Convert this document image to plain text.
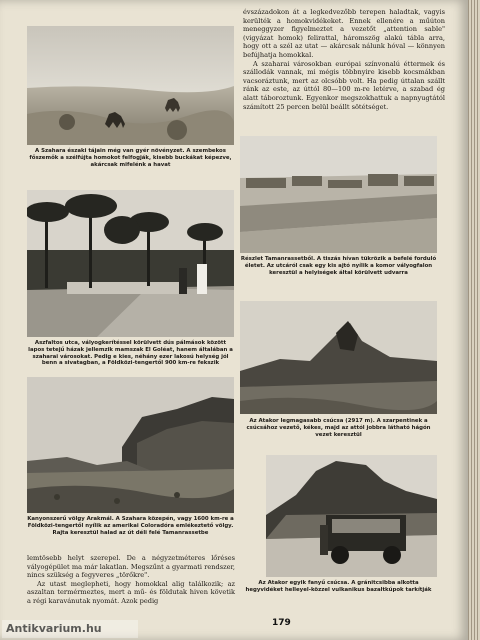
A Szahara északi tájain még van gyér növényzet. A szembekos főszemők a szélfújta homokot felfogják, kisebb buckákat képezve, akárcsak mifelénk a havat

Aszfaltos utca, vályogkerítéssel körülvett dús pálmások között lapos tetejű házak jellemzik mamszak El Goléat, hanem általában a szaharai városokat. Pedig e kies, néhány ezer lakosú helység jól benn a sivatagban, a Földközi-tengertől 900 km-re fekszik

Kanyonszerű völgy Arakmál. A Szahara közepén, vagy 1600 km-re a Földközi-tengertől nyílik az amerikai Coloradóra emlékeztető völgy. Rajta keresztül halad az út déli felé Tamanrassetbe

évszázadokon át a legkedvezőbb terepen haladtak, vagyis kerülték a homokvidékeket. Ennek ellenére a műúton meneggyzer figyelmeztet a vezetőt „attention sable" (vigyázat homok) felirattal, háromszög alakú tábla arra, hogy ott a szél az utat — akárcsak nálunk hóval — könnyen befújhatja homokkal.

A szaharai városokban európai színvonalú éttermek és szállodák vannak, mi mégis többnyire kisebb kocsmákban vacsoráztunk, mert az olcsóbb volt. Ha pedig úttalan szállt ránk az este, az úttól 80—100 m-re letérve, a szabad ég alatt táboroztunk. Egyenkor megszokhattuk a napnyugtától számított 25 percen belül beállt sötétséget.

Részlet Tamanrassetből. A tiszás hívan tükrözik a befelé forduló életet. Az utcáról csak egy kis ajtó nyílik a komor vályogfalon keresztül a helyiségek által körülvett udvarra

Az Atakor legmagasabb csúcsa (2917 m). A szarpentinek a csúcsához vezető, kékes, majd az attól jobbra látható hágón vezet keresztül

Az Atakor egyik fanyű csúcsa. A gránitcsibba alkotta hegyvidéket helleyel-közzel vulkanikus bazaltkúpok tarkítják

lemtösebb helyt szerepel. De a négyzetméteres lőréses vályogépület ma már lakatlan. Megszűnt a gyarmati rendszer, nincs szükség a fegyveres „törőkre".

Az utast meglepheti, hogy homokkal alig találkozik; az aszaltan termérmeztes, mert a mű- és földutak hiven követik a régi karavánutak nyomát. Azok pedig

179
Antikvarium.hu
